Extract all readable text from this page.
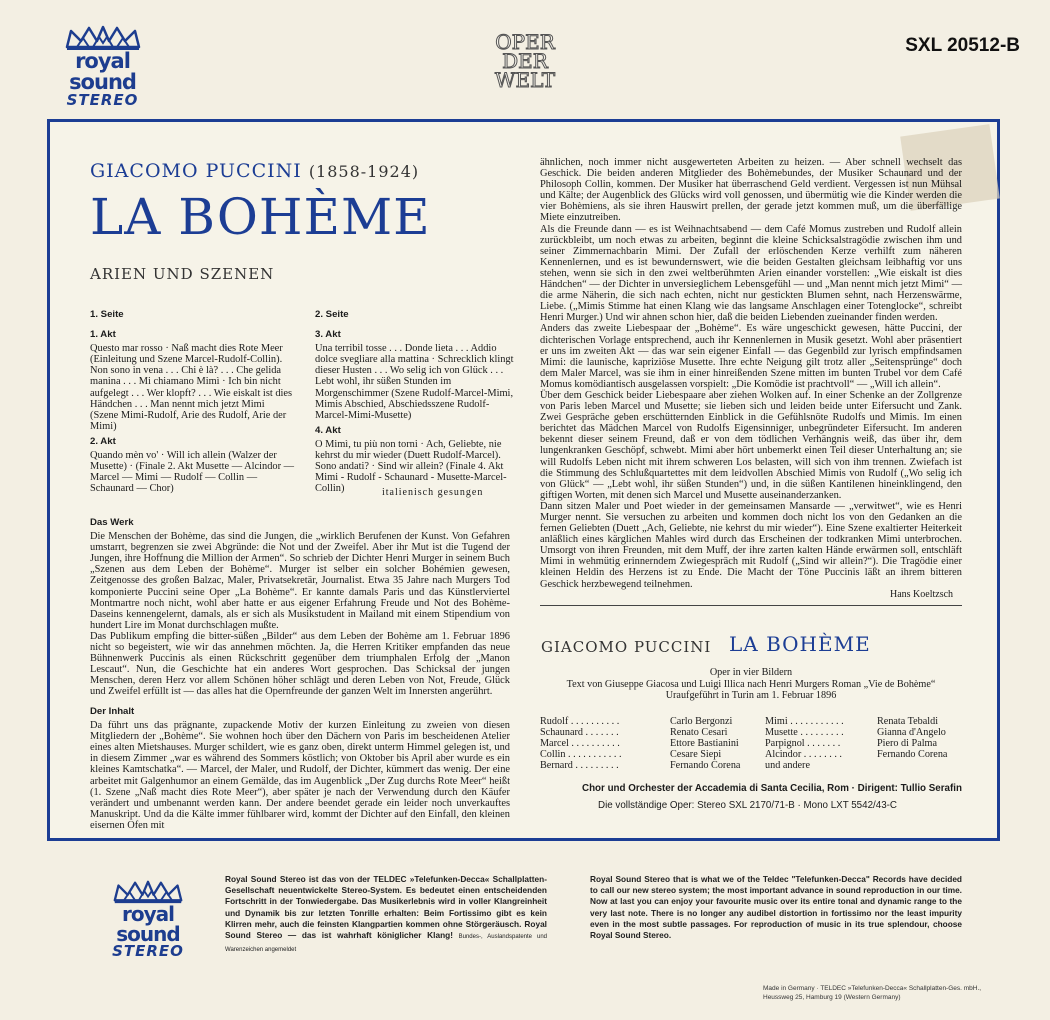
royal sound
STEREO
OPER
DER
WELT
SXL 20512-B
GIACOMO PUCCINI (1858-1924)
LA BOHÈME
ARIEN UND SZENEN
1. Seite
1. Akt
Questo mar rosso · Naß macht dies Rote Meer (Einleitung und Szene Marcel-Rudolf-Collin). Non sono in vena . . . Chi è là? . . . Che gelida manina . . . Mi chiamano Mimì · Ich bin nicht aufgelegt . . . Wer klopft? . . . Wie eiskalt ist dies Händchen . . . Man nennt mich jetzt Mimi (Szene Mimi-Rudolf, Arie des Rudolf, Arie der Mimi)
2. Akt
Quando mèn vo' · Will ich allein (Walzer der Musette) · (Finale 2. Akt Musette — Alcindor — Marcel — Mimi — Rudolf — Collin — Schaunard — Chor)
2. Seite
3. Akt
Una terribil tosse . . . Donde lieta . . . Addio dolce svegliare alla mattina · Schrecklich klingt dieser Husten . . . Wo selig ich von Glück . . . Lebt wohl, ihr süßen Stunden im Morgenschimmer (Szene Rudolf-Marcel-Mimi, Mimis Abschied, Abschiedsszene Rudolf-Marcel-Mimi-Musette)
4. Akt
O Mimì, tu più non torni · Ach, Geliebte, nie kehrst du mir wieder (Duett Rudolf-Marcel). Sono andati? · Sind wir allein? (Finale 4. Akt Mimi - Rudolf - Schaunard - Musette-Marcel-Collin)	italienisch gesungen
Das Werk
Die Menschen der Bohème, das sind die Jungen, die „wirklich Berufenen der Kunst. Von Gefahren umstarrt, begrenzen sie zwei Abgründe: die Not und der Zweifel. Aber ihr Mut ist die Tugend der Jungen, ihre Hoffnung die Million der Armen“. So schrieb der Dichter Henri Murger in seinem Buch „Szenen aus dem Leben der Bohème“. Murger ist selber ein solcher Bohémien gewesen, Zeitgenosse des großen Balzac, Maler, Privatsekretär, Journalist. Etwa 35 Jahre nach Murgers Tod komponierte Puccini seine Oper „La Bohème“. Er kannte damals Paris und das Künstlerviertel Montmartre noch nicht, wohl aber hatte er aus eigener Erfahrung Freude und Not des Bohème-Daseins kennengelernt, damals, als er sich als Musikstudent in Mailand mit einem Stipendium von hundert Lire im Monat durchschlagen mußte.
Das Publikum empfing die bitter-süßen „Bilder“ aus dem Leben der Bohème am 1. Februar 1896 nicht so begeistert, wie wir das annehmen möchten. Ja, die Herren Kritiker empfanden das neue Bühnenwerk Puccinis als einen Rückschritt gegenüber dem triumphalen Erfolg der „Manon Lescaut“. Nun, die Geschichte hat ein anderes Wort gesprochen. Das Schicksal der jungen Menschen, deren Herz vor allem Schönen höher schlägt und deren Leben von Not, Freude, Glück und Zweifel erfüllt ist — das alles hat die Opernfreunde der ganzen Welt im Innersten angerührt.
Der Inhalt
Da führt uns das prägnante, zupackende Motiv der kurzen Einleitung zu zweien von diesen Mitgliedern der „Bohème“. Sie wohnen hoch über den Dächern von Paris im bescheidenen Atelier eines alten Mietshauses. Murger schildert, wie es ganz oben, direkt unterm Himmel gelegen ist, und in diesem Zimmer „war es während des Sommers köstlich; von Oktober bis April aber wurde es ein kleines Kamtschatka“. — Marcel, der Maler, und Rudolf, der Dichter, kümmert das wenig. Der eine arbeitet mit Galgenhumor an einem Gemälde, das im Augenblick „Der Zug durchs Rote Meer“ heißt (1. Szene „Naß macht dies Rote Meer“), aber später je nach der Verwendung durch den Käufer verändert und umbenannt werden kann. Der andere beendet gerade ein leider noch unverkauftes Manuskript. Und da die Kälte immer fühlbarer wird, kommt der Dichter auf den Einfall, den kleinen eisernen Ofen mit
ähnlichen, noch immer nicht ausgewerteten Arbeiten zu heizen. — Aber schnell wechselt das Geschick. Die beiden anderen Mitglieder des Bohèmebundes, der Musiker Schaunard und der Philosoph Collin, kommen. Der Musiker hat überraschend Geld verdient. Vergessen ist nun Mühsal und Kälte; der Augenblick des Glücks wird voll genossen, und übermütig wie die Kinder werden die vier Bohèmiens, als sie ihren Hauswirt prellen, der gerade jetzt kommen muß, um die überfällige Miete einzutreiben.
Als die Freunde dann — es ist Weihnachtsabend — dem Café Momus zustreben und Rudolf allein zurückbleibt, um noch etwas zu arbeiten, beginnt die kleine Schicksalstragödie zwischen ihm und seiner Zimmernachbarin Mimi. Der Zufall der erlöschenden Kerze verhilft zum näheren Kennenlernen, und es ist bewundernswert, wie die beiden Gestalten gleichsam leibhaftig vor uns stehen, wenn sie sich in den zwei weltberühmten Arien einander vorstellen: „Wie eiskalt ist dies Händchen“ — der Dichter in unversieglichem Lebensgefühl — und „Man nennt mich jetzt Mimi“ — die arme Näherin, die sich nach echten, nicht nur gestickten Blumen sehnt, nach Herzenswärme, Liebe. („Mimis Stimme hat einen Klang wie das langsame Anschlagen einer Totenglocke“, schreibt Henri Murger.) Und wir ahnen schon hier, daß die beiden Liebenden zueinander finden werden.
Anders das zweite Liebespaar der „Bohème“. Es wäre ungeschickt gewesen, hätte Puccini, der dichterischen Vorlage entsprechend, auch ihr Kennenlernen in Musik gesetzt. Wohl aber präsentiert er uns im zweiten Akt — das war sein eigener Einfall — das Gegenbild zur lyrisch empfindsamen Mimi: die launische, kapriziöse Musette. Ihre echte Neigung gilt trotz aller „Seitensprünge“ doch dem Maler Marcel, was sie ihm in einer hinreißenden Szene mitten im bunten Trubel vor dem Café Momus komödiantisch ausgelassen vorspielt: „Die Komödie ist prachtvoll“ — „Will ich allein“.
Über dem Geschick beider Liebespaare aber ziehen Wolken auf. In einer Schenke an der Zollgrenze von Paris leben Marcel und Musette; sie lieben sich und leiden beide unter Eifersucht und Zank. Zwei Gespräche geben erschütternden Einblick in die Gefühlsnöte Rudolfs und Mimis. Im einen berichtet das Mädchen Marcel von Rudolfs Eigensinniger, unbegründeter Eifersucht. Im anderen bekennt dieser seinem Freund, daß er von dem tödlichen Verhängnis weiß, das über ihr, dem lungenkranken Geschöpf, schwebt. Mimi aber hört unbemerkt einen Teil dieser Unterhaltung an; sie will Rudolfs Leben nicht mit ihrem schweren Los belasten, will sich von ihm trennen. Zwiefach ist die Stimmung des Schlußquartettes mit dem leidvollen Abschied Mimis von Rudolf („Wo selig ich von Glück“ — „Lebt wohl, ihr süßen Stunden“) und, in die süßen Kantilenen hineinklingend, den giftigen Worten, mit denen sich Marcel und Musette auseinanderzanken.
Dann sitzen Maler und Poet wieder in der gemeinsamen Mansarde — „verwitwet“, wie es Henri Murger nennt. Sie versuchen zu arbeiten und kommen doch nicht los von den Gedanken an die fernen Geliebten (Duett „Ach, Geliebte, nie kehrst du mir wieder“). Eine Szene exaltierter Heiterkeit anläßlich eines kärglichen Mahles wird durch das Erscheinen der todkranken Mimi unterbrochen. Umsorgt von ihren Freunden, mit dem Muff, der ihre zarten kalten Hände erwärmen soll, entschläft Mimi in wehmütig erinnerndem Zwiegespräch mit Rudolf („Sind wir allein?“). Die Tragödie einer kleinen Heldin des Herzens ist zu Ende. Die Macht der Töne Puccinis läßt an ihrem bitteren Geschick herzbewegend teilnehmen.
Hans Koeltzsch
GIACOMO PUCCINI LA BOHÈME
Oper in vier Bildern
Text von Giuseppe Giacosa und Luigi Illica nach Henri Murgers Roman „Vie de Bohème“
Uraufgeführt in Turin am 1. Februar 1896
Rudolf . . . . . . . . . .	Carlo Bergonzi
Schaunard . . . . . . .	Renato Cesari
Marcel . . . . . . . . . .	Ettore Bastianini
Collin . . . . . . . . . . .	Cesare Siepi
Bernard . . . . . . . . .	Fernando Corena
Mimi . . . . . . . . . . .	Renata Tebaldi
Musette . . . . . . . . .	Gianna d'Angelo
Parpignol . . . . . . .	Piero di Palma
Alcindor . . . . . . . .	Fernando Corena
und andere
Chor und Orchester der Accademia di Santa Cecilia, Rom · Dirigent: Tullio Serafin
Die vollständige Oper: Stereo SXL 2170/71-B · Mono LXT 5542/43-C
royal sound
STEREO
Royal Sound Stereo ist das von der TELDEC »Telefunken-Decca« Schallplatten-Gesellschaft neuentwickelte Stereo-System. Es bedeutet einen entscheidenden Fortschritt in der Tonwiedergabe. Das Musikerlebnis wird in voller Klangreinheit und Dynamik bis zur letzten Tonrille erhalten: Beim Fortissimo gibt es kein Klirren mehr, auch die feinsten Klangpartien kommen ohne Störgeräusch. Royal Sound Stereo — das ist wahrhaft königlicher Klang! Bundes-, Auslandspatente und Warenzeichen angemeldet
Royal Sound Stereo that is what we of the Teldec "Telefunken-Decca" Records have decided to call our new stereo system; the most important advance in sound reproduction in our time. Now at last you can enjoy your favourite music over its entire tonal and dynamic range to the very last note. There is no longer any audibel distortion in fortissimo nor the least impurity even in the most subtle passages. For reproduction of music in its true splendour, choose Royal Sound Stereo.
Made in Germany · TELDEC »Telefunken-Decca« Schallplatten-Ges. mbH.,
Heussweg 25, Hamburg 19 (Western Germany)
